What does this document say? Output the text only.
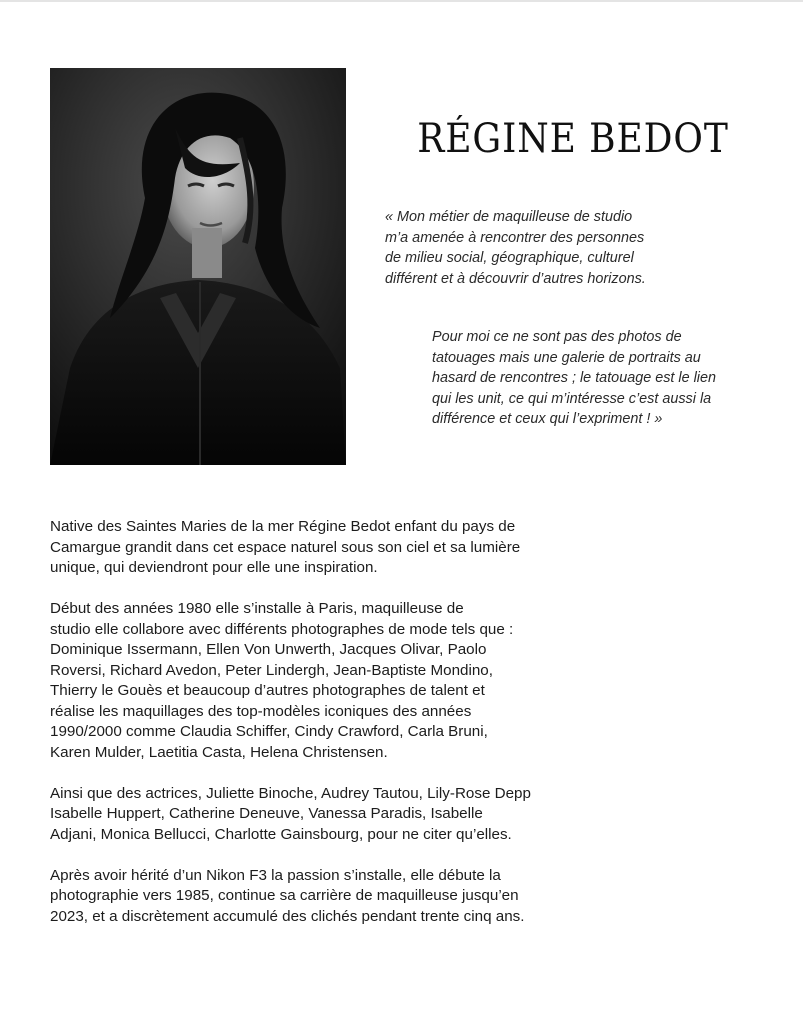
RÉGINE BEDOT
« Mon métier de maquilleuse de studio
m’a amenée à rencontrer des personnes
de milieu social, géographique, culturel
différent et à découvrir d’autres horizons.
Pour moi ce ne sont pas des photos de
tatouages mais une galerie de portraits au
hasard de rencontres ; le tatouage est le lien
qui les unit, ce qui m’intéresse c’est aussi la
différence et ceux qui l’expriment ! »

Native des Saintes Maries de la mer Régine Bedot enfant du pays de
Camargue grandit dans cet espace naturel sous son ciel et sa lumière
unique, qui deviendront pour elle une inspiration.

Début des années 1980 elle s’installe à Paris, maquilleuse de
studio elle collabore avec différents photographes de mode tels que :
Dominique Issermann, Ellen Von Unwerth, Jacques Olivar, Paolo
Roversi, Richard Avedon, Peter Lindergh, Jean-Baptiste Mondino,
Thierry le Gouès et beaucoup d’autres photographes de talent et
réalise les maquillages des top-modèles iconiques des années
1990/2000 comme Claudia Schiffer, Cindy Crawford, Carla Bruni,
Karen Mulder, Laetitia Casta, Helena Christensen.

Ainsi que des actrices, Juliette Binoche, Audrey Tautou, Lily-Rose Depp
Isabelle Huppert, Catherine Deneuve, Vanessa Paradis, Isabelle
Adjani, Monica Bellucci, Charlotte Gainsbourg, pour ne citer qu’elles.

Après avoir hérité d’un Nikon F3 la passion s’installe, elle débute la
photographie vers 1985, continue sa carrière de maquilleuse jusqu’en
2023, et a discrètement accumulé des clichés pendant trente cinq ans.
